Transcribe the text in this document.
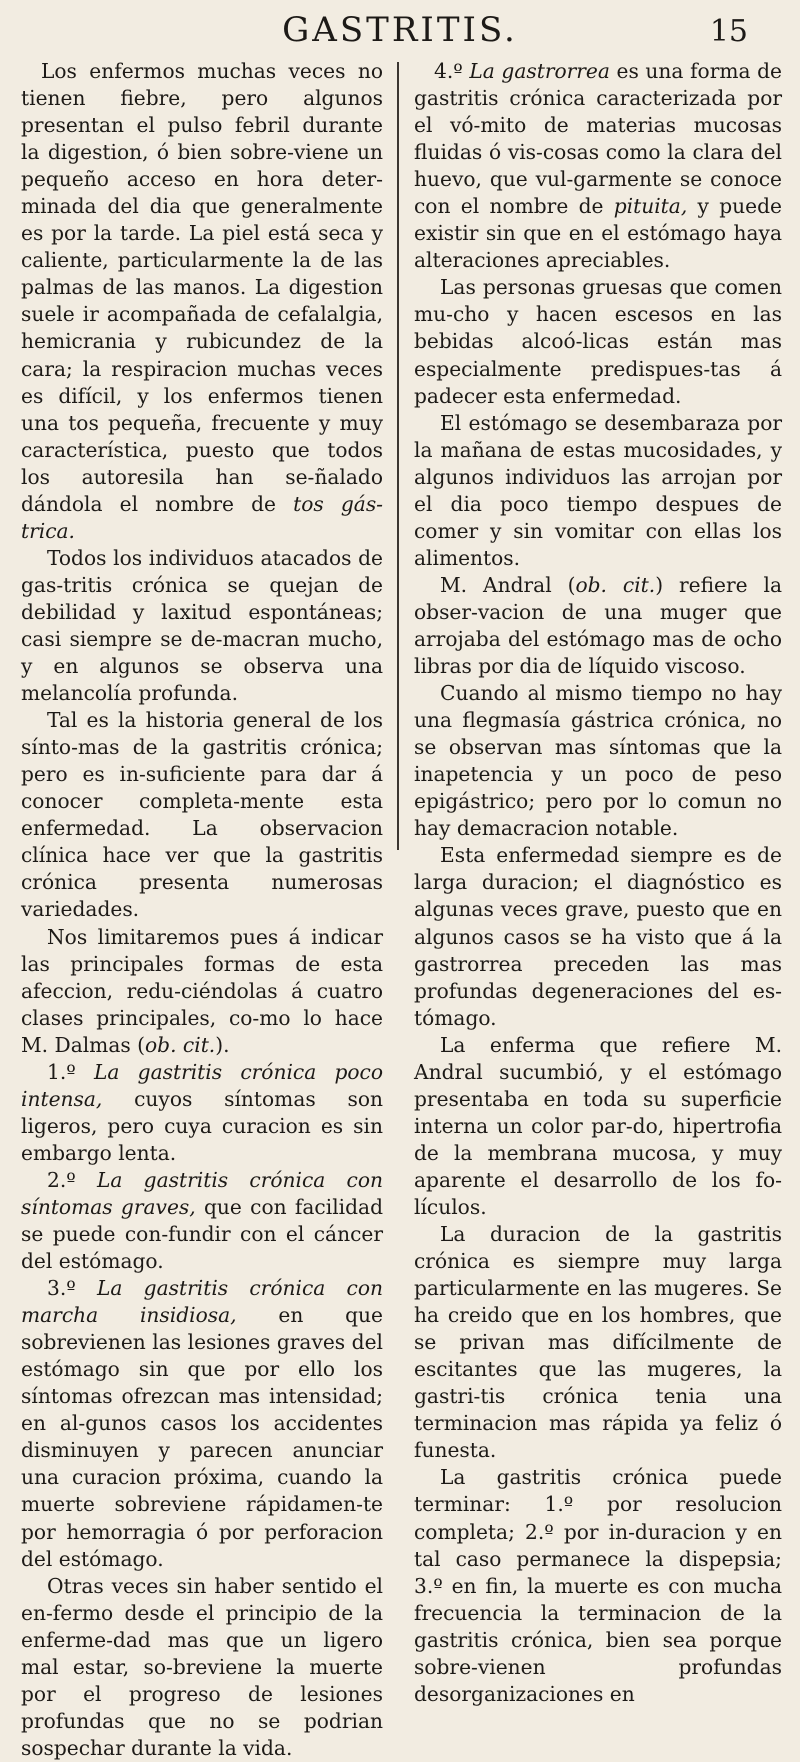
GASTRITIS.	15

Los enfermos muchas veces no tienen fiebre, pero algunos presentan el pulso febril durante la digestion, ó bien sobre-viene un pequeño acceso en hora deter-minada del dia que generalmente es por la tarde. La piel está seca y caliente, particularmente la de las palmas de las manos. La digestion suele ir acompañada de cefalalgia, hemicrania y rubicundez de la cara; la respiracion muchas veces es difícil, y los enfermos tienen una tos pequeña, frecuente y muy característica, puesto que todos los autoresila han se-ñalado dándola el nombre de tos gás-trica.

Todos los individuos atacados de gas-tritis crónica se quejan de debilidad y laxitud espontáneas; casi siempre se de-macran mucho, y en algunos se observa una melancolía profunda.

Tal es la historia general de los sínto-mas de la gastritis crónica; pero es in-suficiente para dar á conocer completa-mente esta enfermedad. La observacion clínica hace ver que la gastritis crónica presenta numerosas variedades.

Nos limitaremos pues á indicar las principales formas de esta afeccion, redu-ciéndolas á cuatro clases principales, co-mo lo hace M. Dalmas (ob. cit.).

1.º La gastritis crónica poco intensa, cuyos síntomas son ligeros, pero cuya curacion es sin embargo lenta.

2.º La gastritis crónica con síntomas graves, que con facilidad se puede con-fundir con el cáncer del estómago.

3.º La gastritis crónica con marcha insidiosa, en que sobrevienen las lesiones graves del estómago sin que por ello los síntomas ofrezcan mas intensidad; en al-gunos casos los accidentes disminuyen y parecen anunciar una curacion próxima, cuando la muerte sobreviene rápidamen-te por hemorragia ó por perforacion del estómago.

Otras veces sin haber sentido el en-fermo desde el principio de la enferme-dad mas que un ligero mal estar, so-breviene la muerte por el progreso de lesiones profundas que no se podrian sospechar durante la vida.

4.º La gastrorrea es una forma de gastritis crónica caracterizada por el vó-mito de materias mucosas fluidas ó vis-cosas como la clara del huevo, que vul-garmente se conoce con el nombre de pituita, y puede existir sin que en el estómago haya alteraciones apreciables.

Las personas gruesas que comen mu-cho y hacen escesos en las bebidas alcoó-licas están mas especialmente predispues-tas á padecer esta enfermedad.

El estómago se desembaraza por la mañana de estas mucosidades, y algunos individuos las arrojan por el dia poco tiempo despues de comer y sin vomitar con ellas los alimentos.

M. Andral (ob. cit.) refiere la obser-vacion de una muger que arrojaba del estómago mas de ocho libras por dia de líquido viscoso.

Cuando al mismo tiempo no hay una flegmasía gástrica crónica, no se observan mas síntomas que la inapetencia y un poco de peso epigástrico; pero por lo comun no hay demacracion notable.

Esta enfermedad siempre es de larga duracion; el diagnóstico es algunas veces grave, puesto que en algunos casos se ha visto que á la gastrorrea preceden las mas profundas degeneraciones del es-tómago.

La enferma que refiere M. Andral sucumbió, y el estómago presentaba en toda su superficie interna un color par-do, hipertrofia de la membrana mucosa, y muy aparente el desarrollo de los fo-lículos.

La duracion de la gastritis crónica es siempre muy larga particularmente en las mugeres. Se ha creido que en los hombres, que se privan mas difícilmente de escitantes que las mugeres, la gastri-tis crónica tenia una terminacion mas rápida ya feliz ó funesta.

La gastritis crónica puede terminar: 1.º por resolucion completa; 2.º por in-duracion y en tal caso permanece la dispepsia; 3.º en fin, la muerte es con mucha frecuencia la terminacion de la gastritis crónica, bien sea porque sobre-vienen profundas desorganizaciones en
